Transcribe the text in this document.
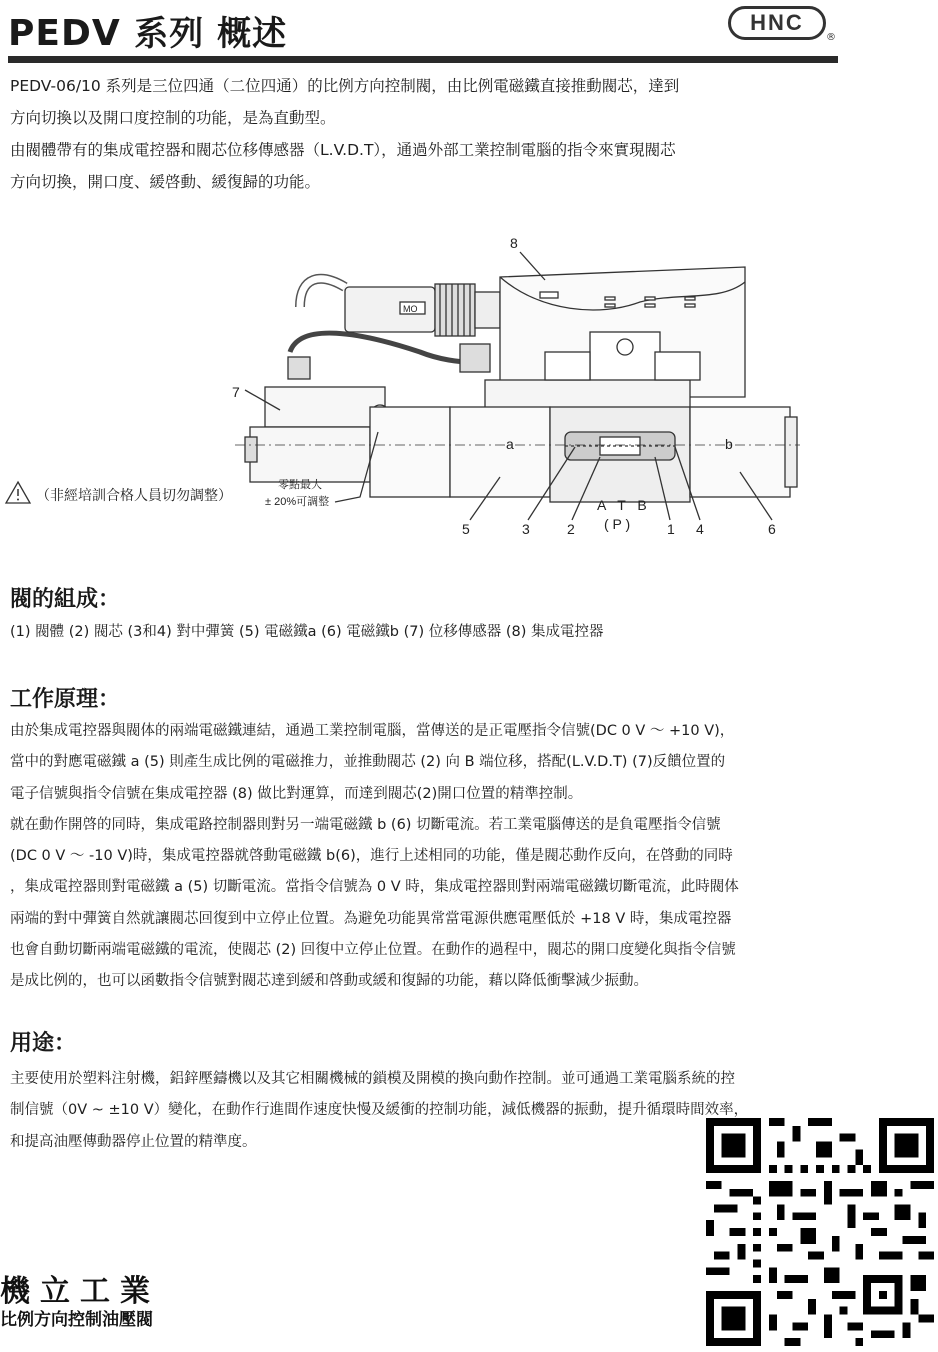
PEDV 系列 概述	HNC
®
PEDV-06/10 系列是三位四通（二位四通）的比例方向控制閥，由比例電磁鐵直接推動閥芯，達到
方向切換以及開口度控制的功能，是為直動型。
由閥體帶有的集成電控器和閥芯位移傳感器（L.V.D.T），通過外部工業控制電腦的指令來實現閥芯
方向切換，開口度、緩啓動、緩復歸的功能。
8
7
5	3	2	1 4	6
a	b
A T B
( P )
MO
零點最大
± 20%可調整
（非經培訓合格人員切勿調整）
閥的組成：
(1) 閥體 (2) 閥芯 (3和4) 對中彈簧 (5) 電磁鐵a (6) 電磁鐵b (7) 位移傳感器 (8) 集成電控器
工作原理：
由於集成電控器與閥体的兩端電磁鐵連結，通過工業控制電腦，當傳送的是正電壓指令信號(DC 0 V ～ +10 V)，
當中的對應電磁鐵 a (5) 則產生成比例的電磁推力，並推動閥芯 (2) 向 B 端位移，搭配(L.V.D.T) (7)反饋位置的
電子信號與指令信號在集成電控器 (8) 做比對運算，而達到閥芯(2)開口位置的精準控制。
就在動作開啓的同時，集成電路控制器則對另一端電磁鐵 b (6) 切斷電流。若工業電腦傳送的是負電壓指令信號
(DC 0 V ～ -10 V)時，集成電控器就啓動電磁鐵 b(6)，進行上述相同的功能，僅是閥芯動作反向，在啓動的同時
，集成電控器則對電磁鐵 a (5) 切斷電流。當指令信號為 0 V 時，集成電控器則對兩端電磁鐵切斷電流，此時閥体
兩端的對中彈簧自然就讓閥芯回復到中立停止位置。為避免功能異常當電源供應電壓低於 +18 V 時，集成電控器
也會自動切斷兩端電磁鐵的電流，使閥芯 (2) 回復中立停止位置。在動作的過程中，閥芯的開口度變化與指令信號
是成比例的，也可以函數指令信號對閥芯達到緩和啓動或緩和復歸的功能，藉以降低衝擊減少振動。
用途：
主要使用於塑料注射機，鋁鋅壓鑄機以及其它相關機械的鎖模及開模的換向動作控制。並可通過工業電腦系統的控
制信號（0V ~ ±10 V）變化，在動作行進間作速度快慢及緩衝的控制功能，減低機器的振動，提升循環時間效率，
和提高油壓傳動器停止位置的精準度。
機立工業
比例方向控制油壓閥
